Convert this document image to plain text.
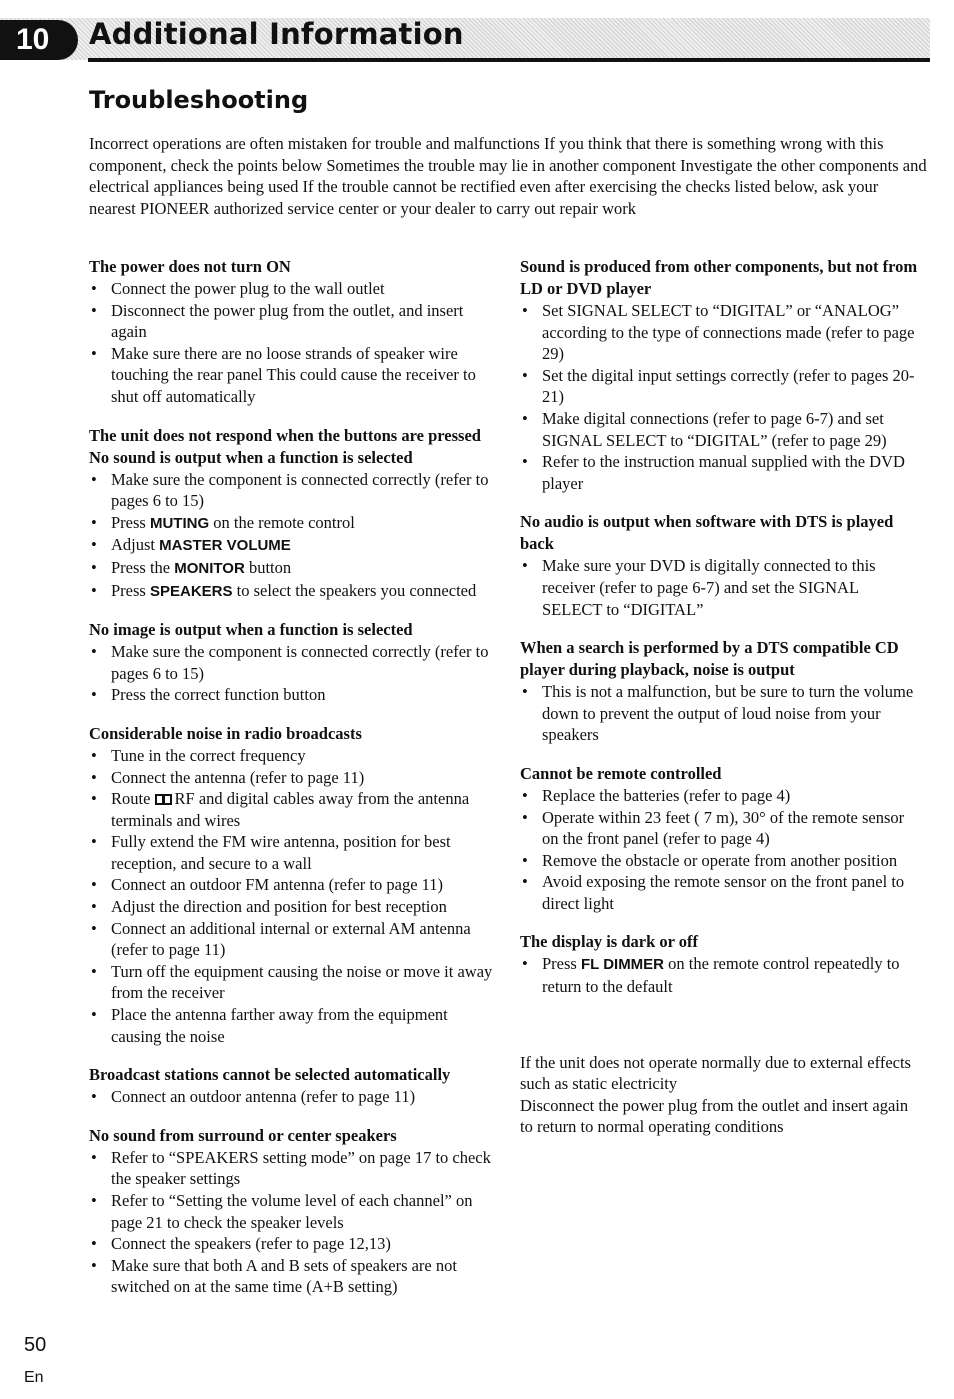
10	Additional Information
Troubleshooting

Incorrect operations are often mistaken for trouble and malfunctions If you think that there is something wrong with this component, check the points below Sometimes the trouble may lie in another component Investigate the other components and electrical appliances being used If the trouble cannot be rectified even after exercising the checks listed below, ask your nearest PIONEER authorized service center or your dealer to carry out repair work

The power does not turn ON

• Connect the power plug to the wall outlet
• Disconnect the power plug from the outlet, and insert again
• Make sure there are no loose strands of speaker wire touching the rear panel This could cause the receiver to shut off automatically

The unit does not respond when the buttons are pressed

No sound is output when a function is selected

• Make sure the component is connected correctly (refer to pages 6 to 15)
• Press MUTING on the remote control
• Adjust MASTER VOLUME
• Press the MONITOR button
• Press SPEAKERS to select the speakers you connected

No image is output when a function is selected

• Make sure the component is connected correctly (refer to pages 6 to 15)
• Press the correct function button

Considerable noise in radio broadcasts

• Tune in the correct frequency
• Connect the antenna (refer to page 11)
• Route RF and digital cables away from the antenna terminals and wires
• Fully extend the FM wire antenna, position for best reception, and secure to a wall
• Connect an outdoor FM antenna (refer to page 11)
• Adjust the direction and position for best reception
• Connect an additional internal or external AM antenna (refer to page 11)
• Turn off the equipment causing the noise or move it away from the receiver
• Place the antenna farther away from the equipment causing the noise

Broadcast stations cannot be selected automatically

• Connect an outdoor antenna (refer to page 11)

No sound from surround or center speakers

• Refer to “SPEAKERS setting mode” on page 17 to check the speaker settings
• Refer to “Setting the volume level of each channel” on page 21 to check the speaker levels
• Connect the speakers (refer to page 12,13)
• Make sure that both A and B sets of speakers are not switched on at the same time (A+B setting)

Sound is produced from other components, but not from LD or DVD player

• Set SIGNAL SELECT to “DIGITAL” or “ANALOG” according to the type of connections made (refer to page 29)
• Set the digital input settings correctly (refer to pages 20-21)
• Make digital connections (refer to page 6-7) and set SIGNAL SELECT to “DIGITAL” (refer to page 29)
• Refer to the instruction manual supplied with the DVD player

No audio is output when software with DTS is played back

• Make sure your DVD is digitally connected to this receiver (refer to page 6-7) and set the SIGNAL SELECT to “DIGITAL”

When a search is performed by a DTS compatible CD player during playback, noise is output

• This is not a malfunction, but be sure to turn the volume down to prevent the output of loud noise from your speakers

Cannot be remote controlled

• Replace the batteries (refer to page 4)
• Operate within 23 feet ( 7 m), 30° of the remote sensor on the front panel (refer to page 4)
• Remove the obstacle or operate from another position
• Avoid exposing the remote sensor on the front panel to direct light

The display is dark or off

• Press FL DIMMER on the remote control repeatedly to return to the default

If the unit does not operate normally due to external effects such as static electricity

Disconnect the power plug from the outlet and insert again to return to normal operating conditions

50

En
